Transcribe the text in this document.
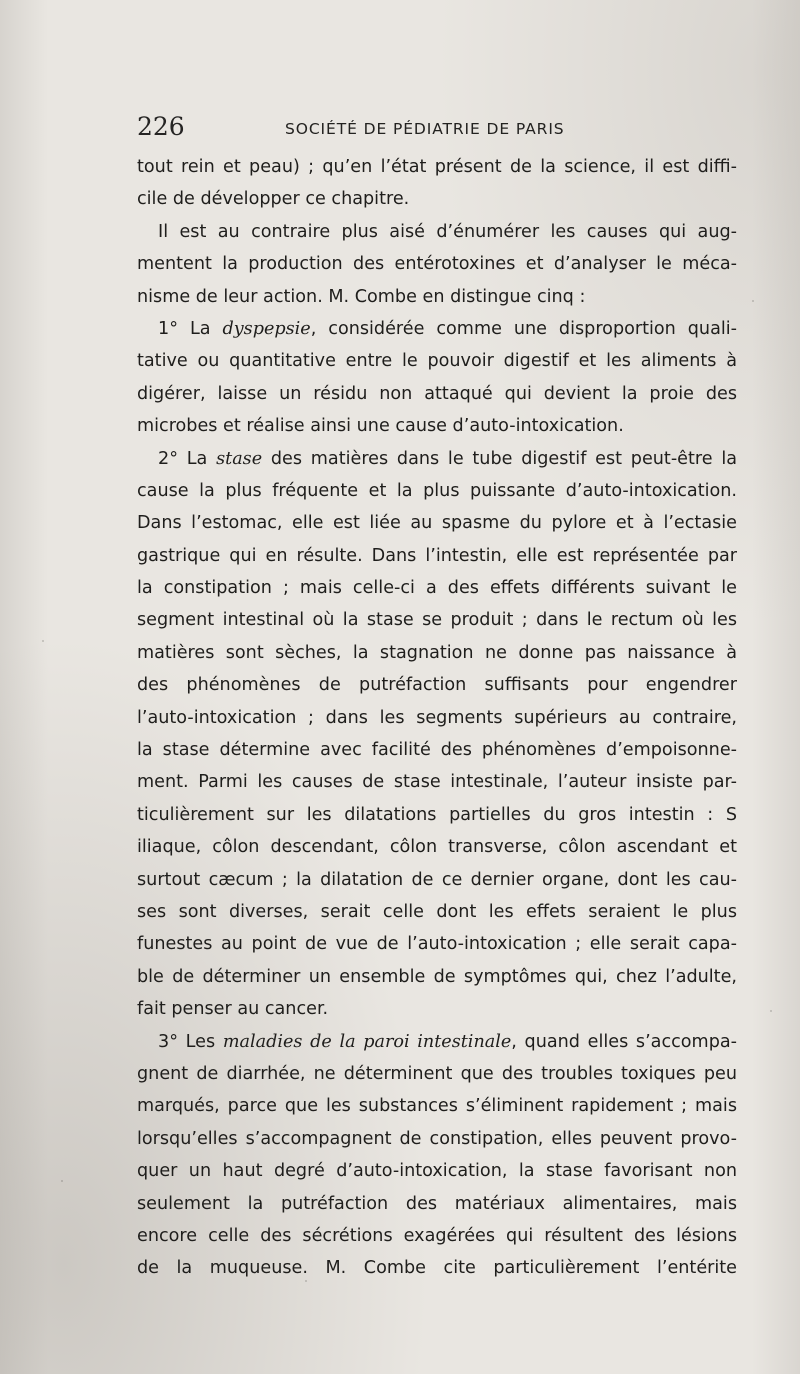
226	SOCIÉTÉ DE PÉDIATRIE DE PARIS
tout rein et peau) ; qu’en l’état présent de la science, il est diffi-
cile de développer ce chapitre.
Il est au contraire plus aisé d’énumérer les causes qui aug-
mentent la production des entérotoxines et d’analyser le méca-
nisme de leur action. M. Combe en distingue cinq :
1° La dyspepsie, considérée comme une disproportion quali-
tative ou quantitative entre le pouvoir digestif et les aliments à
digérer, laisse un résidu non attaqué qui devient la proie des
microbes et réalise ainsi une cause d’auto-intoxication.
2° La stase des matières dans le tube digestif est peut-être la
cause la plus fréquente et la plus puissante d’auto-intoxication.
Dans l’estomac, elle est liée au spasme du pylore et à l’ectasie
gastrique qui en résulte. Dans l’intestin, elle est représentée par
la constipation ; mais celle-ci a des effets différents suivant le
segment intestinal où la stase se produit ; dans le rectum où les
matières sont sèches, la stagnation ne donne pas naissance à
des phénomènes de putréfaction suffisants pour engendrer
l’auto-intoxication ; dans les segments supérieurs au contraire,
la stase détermine avec facilité des phénomènes d’empoisonne-
ment. Parmi les causes de stase intestinale, l’auteur insiste par-
ticulièrement sur les dilatations partielles du gros intestin : S
iliaque, côlon descendant, côlon transverse, côlon ascendant et
surtout cæcum ; la dilatation de ce dernier organe, dont les cau-
ses sont diverses, serait celle dont les effets seraient le plus
funestes au point de vue de l’auto-intoxication ; elle serait capa-
ble de déterminer un ensemble de symptômes qui, chez l’adulte,
fait penser au cancer.
3° Les maladies de la paroi intestinale, quand elles s’accompa-
gnent de diarrhée, ne déterminent que des troubles toxiques peu
marqués, parce que les substances s’éliminent rapidement ; mais
lorsqu’elles s’accompagnent de constipation, elles peuvent provo-
quer un haut degré d’auto-intoxication, la stase favorisant non
seulement la putréfaction des matériaux alimentaires, mais
encore celle des sécrétions exagérées qui résultent des lésions
de la muqueuse. M. Combe cite particulièrement l’entérite
